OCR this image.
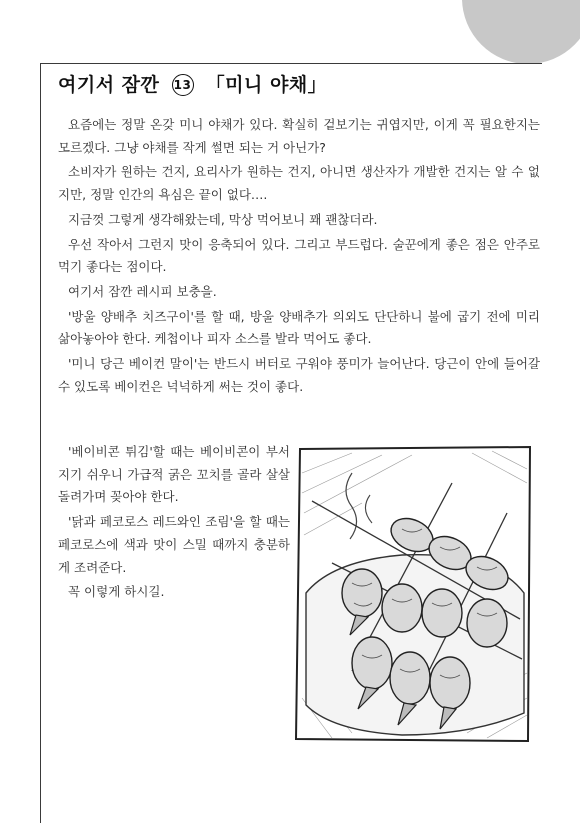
여기서 잠깐 13 「미니 야채」

요즘에는 정말 온갖 미니 야채가 있다. 확실히 겉보기는 귀엽지만, 이게 꼭 필요한지는 모르겠다. 그냥 야채를 작게 썰면 되는 거 아닌가?

소비자가 원하는 건지, 요리사가 원하는 건지, 아니면 생산자가 개발한 건지는 알 수 없지만, 정말 인간의 욕심은 끝이 없다….

지금껏 그렇게 생각해왔는데, 막상 먹어보니 꽤 괜찮더라.

우선 작아서 그런지 맛이 응축되어 있다. 그리고 부드럽다. 술꾼에게 좋은 점은 안주로 먹기 좋다는 점이다.

여기서 잠깐 레시피 보충을.

'방울 양배추 치즈구이'를 할 때, 방울 양배추가 의외도 단단하니 불에 굽기 전에 미리 삶아놓아야 한다. 케첩이나 피자 소스를 발라 먹어도 좋다.

'미니 당근 베이컨 말이'는 반드시 버터로 구워야 풍미가 늘어난다. 당근이 안에 들어갈 수 있도록 베이컨은 넉넉하게 써는 것이 좋다.

'베이비콘 튀김'할 때는 베이비콘이 부서지기 쉬우니 가급적 굵은 꼬치를 골라 살살 돌려가며 꽂아야 한다.

'닭과 페코로스 레드와인 조림'을 할 때는 페코로스에 색과 맛이 스밀 때까지 충분하게 조려준다.

꼭 이렇게 하시길.
